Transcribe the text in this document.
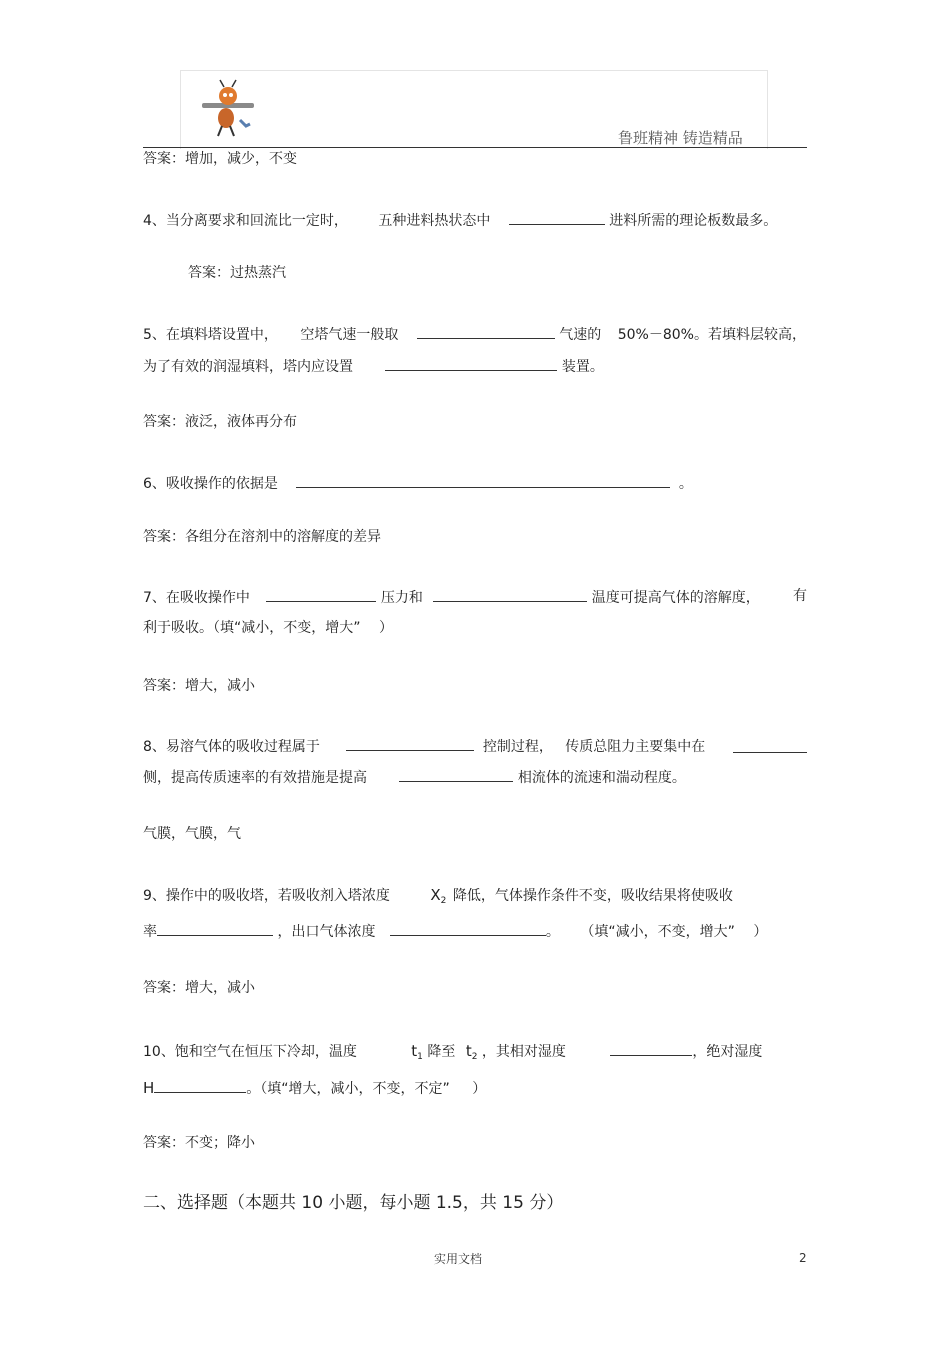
鲁班精神 铸造精品
答案：增加，减少，不变
4、当分离要求和回流比一定时， 五种进料热状态中	进料所需的理论板数最多。
答案：过热蒸汽
5、在填料塔设置中， 空塔气速一般取	气速的 50%－80%。若填料层较高，
为了有效的润湿填料，塔内应设置	装置。
答案：液泛，液体再分布
6、吸收操作的依据是	。
答案：各组分在溶剂中的溶解度的差异
7、在吸收操作中	压力和	温度可提高气体的溶解度， 有
利于吸收。（填“减小，不变，增大” ）
答案：增大，减小
8、易溶气体的吸收过程属于	控制过程， 传质总阻力主要集中在
侧，提高传质速率的有效措施是提高	相流体的流速和湍动程度。
气膜，气膜，气
9、操作中的吸收塔，若吸收剂入塔浓度	$X_2$ 降低，气体操作条件不变，吸收结果将使吸收
率	，出口气体浓度	。 （填“减小，不变，增大” ）
答案：增大，减小
10、饱和空气在恒压下冷却，温度	$t_1$ 降至 $t_2$ ，其相对湿度	，绝对湿度
H	。（填“增大，减小，不变，不定” ）
答案：不变；降小
二、选择题（本题共 10 小题，每小题 1.5，共 15 分）
实用文档	2
